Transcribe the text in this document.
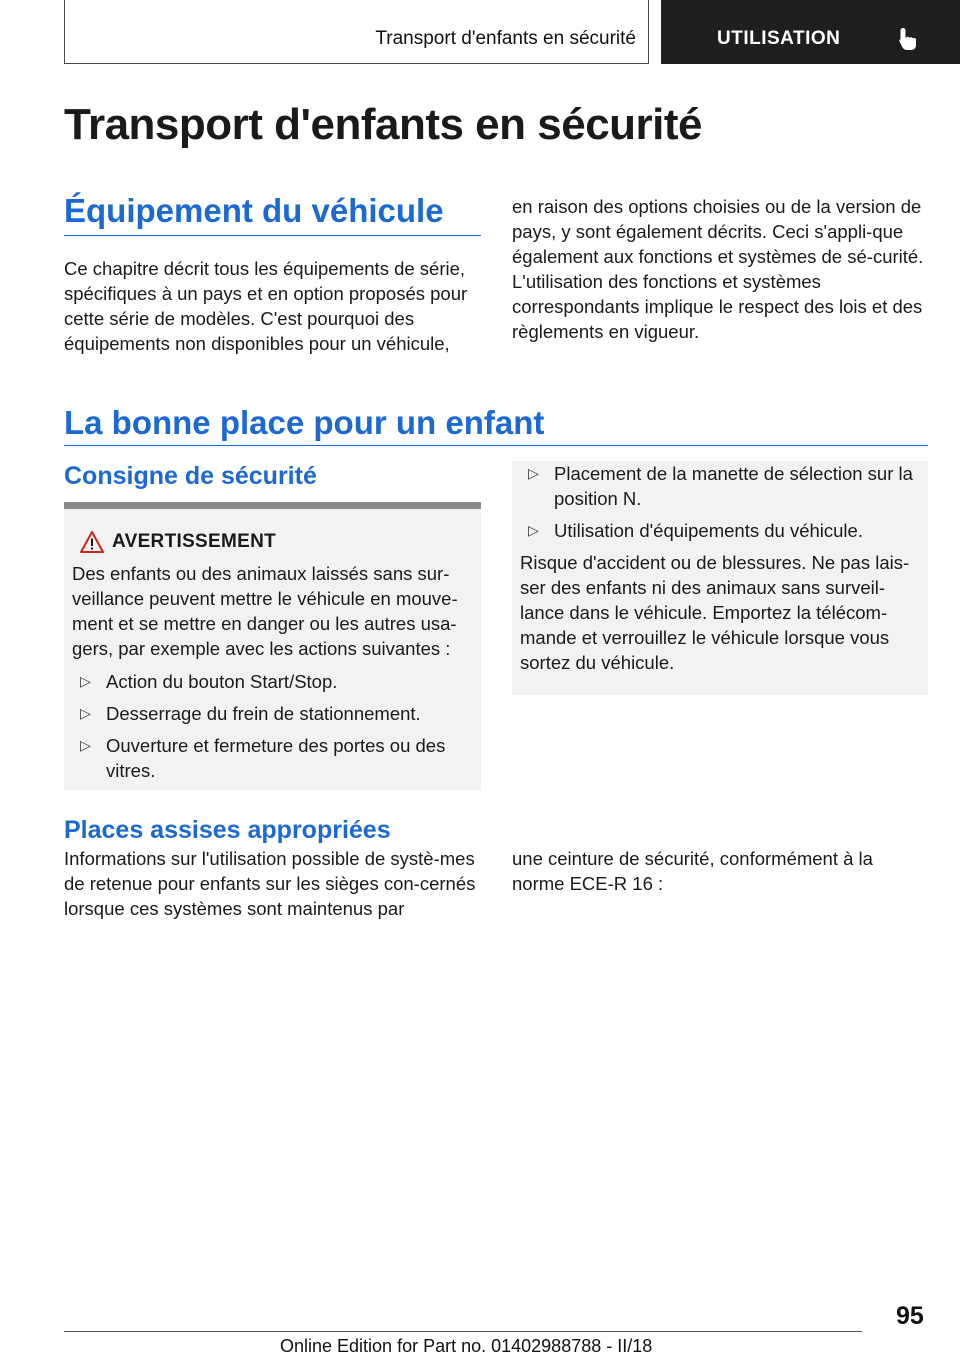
Transport d'enfants en sécurité	UTILISATION
Transport d'enfants en sécurité
Équipement du véhicule

Ce chapitre décrit tous les équipements de série, spécifiques à un pays et en option proposés pour cette série de modèles. C'est pourquoi des équipements non disponibles pour un véhicule,

en raison des options choisies ou de la version de pays, y sont également décrits. Ceci s'appli-que également aux fonctions et systèmes de sé-curité. L'utilisation des fonctions et systèmes correspondants implique le respect des lois et des règlements en vigueur.

La bonne place pour un enfant
Consigne de sécurité
AVERTISSEMENT

Des enfants ou des animaux laissés sans sur-veillance peuvent mettre le véhicule en mouve-ment et se mettre en danger ou les autres usa-gers, par exemple avec les actions suivantes :

▷ Action du bouton Start/Stop.

▷ Desserrage du frein de stationnement.

▷ Ouverture et fermeture des portes ou des vitres.

▷ Placement de la manette de sélection sur la position N.

▷ Utilisation d'équipements du véhicule.

Risque d'accident ou de blessures. Ne pas lais-ser des enfants ni des animaux sans surveil-lance dans le véhicule. Emportez la télécom-mande et verrouillez le véhicule lorsque vous sortez du véhicule.

Places assises appropriées

Informations sur l'utilisation possible de systè-mes de retenue pour enfants sur les sièges con-cernés lorsque ces systèmes sont maintenus par

une ceinture de sécurité, conformément à la norme ECE-R 16 :

95
Online Edition for Part no. 01402988788 - II/18
